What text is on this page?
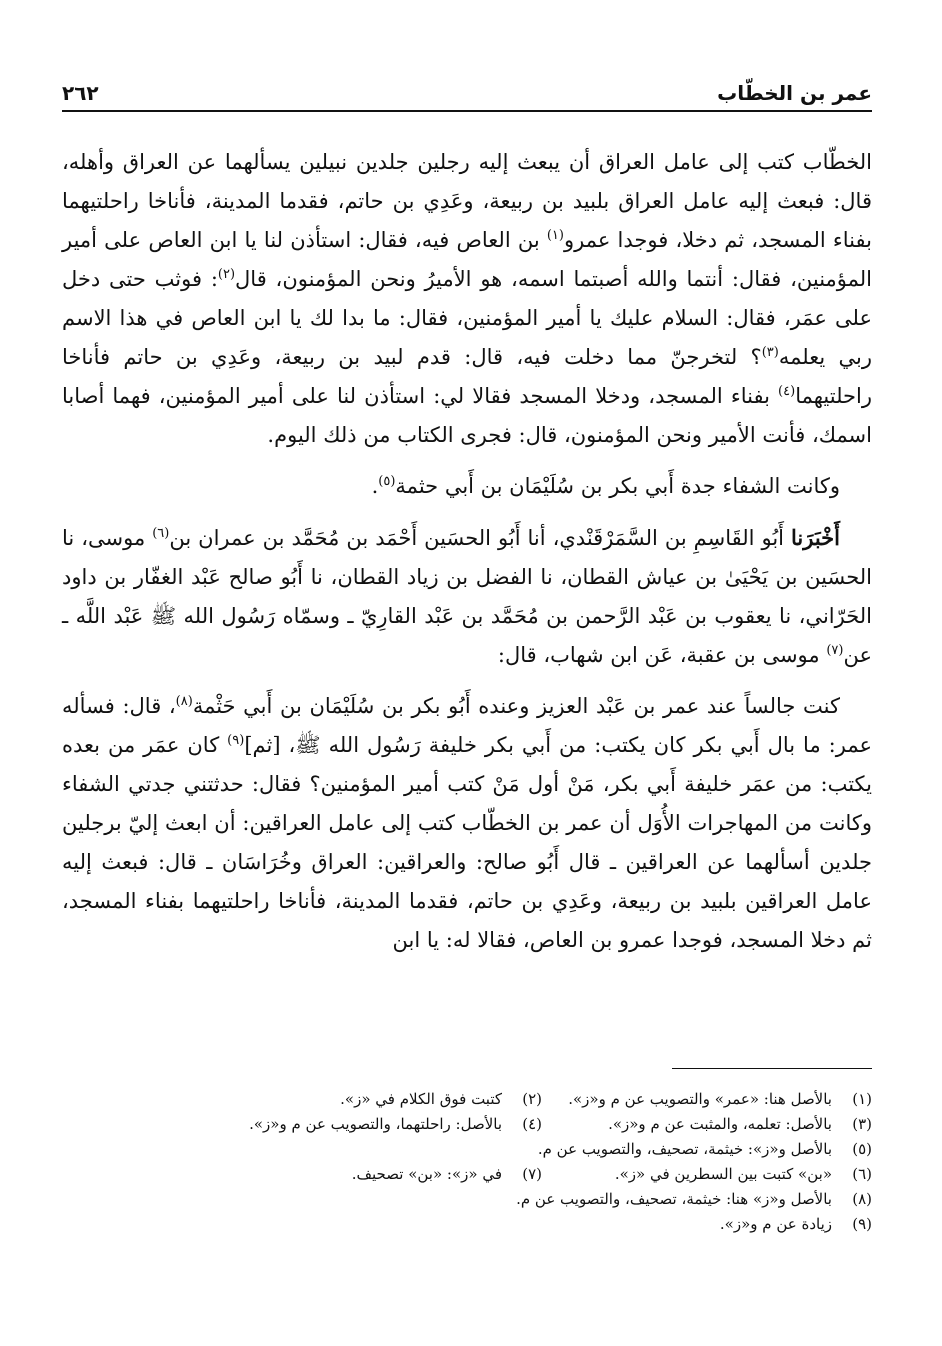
عمر بن الخطّاب
٢٦٢

الخطّاب كتب إلى عامل العراق أن يبعث إليه رجلين جلدين نبيلين يسألهما عن العراق وأهله، قال: فبعث إليه عامل العراق بلبيد بن ربيعة، وعَدِي بن حاتم، فقدما المدينة، فأناخا راحلتيهما بفناء المسجد، ثم دخلا، فوجدا عمرو$^{(١)}$ بن العاص فيه، فقال: استأذن لنا يا ابن العاص على أمير المؤمنين، فقال: أنتما والله أصبتما اسمه، هو الأميرُ ونحن المؤمنون، قال$^{(٢)}$: فوثب حتى دخل على عمَر، فقال: السلام عليك يا أمير المؤمنين، فقال: ما بدا لك يا ابن العاص في هذا الاسم ربي يعلمه$^{(٣)}$؟ لتخرجنّ مما دخلت فيه، قال: قدم لبيد بن ربيعة، وعَدِي بن حاتم فأناخا راحلتيهما$^{(٤)}$ بفناء المسجد، ودخلا المسجد فقالا لي: استأذن لنا على أمير المؤمنين، فهما أصابا اسمك، فأنت الأمير ونحن المؤمنون، قال: فجرى الكتاب من ذلك اليوم.

وكانت الشفاء جدة أَبي بكر بن سُلَيْمَان بن أَبي حثمة$^{(٥)}$.

أَخْبَرَنا أَبُو القَاسِمِ بن السَّمَرْقَنْدي، أنا أَبُو الحسَين أَحْمَد بن مُحَمَّد بن عمران بن$^{(٦)}$ موسى، نا الحسَين بن يَحْيَىٰ بن عياش القطان، نا الفضل بن زياد القطان، نا أَبُو صالح عَبْد الغفّار بن داود الحَرّاني، نا يعقوب بن عَبْد الرَّحمن بن مُحَمَّد بن عَبْد القارِيّ ـ وسمّاه رَسُول الله ﷺ عَبْد اللَّه ـ عن$^{(٧)}$ موسى بن عقبة، عَن ابن شهاب، قال:

كنت جالساً عند عمر بن عَبْد العزيز وعنده أَبُو بكر بن سُلَيْمَان بن أَبي حَثْمة$^{(٨)}$، قال: فسأله عمر: ما بال أَبي بكر كان يكتب: من أَبي بكر خليفة رَسُول الله ﷺ، [ثم]$^{(٩)}$ كان عمَر من بعده يكتب: من عمَر خليفة أَبي بكر، مَنْ أول مَنْ كتب أمير المؤمنين؟ فقال: حدثتني جدتي الشفاء وكانت من المهاجرات الأُوَل أن عمر بن الخطّاب كتب إلى عامل العراقين: أن ابعث إليّ برجلين جلدين أسألهما عن العراقين ـ قال أَبُو صالح: والعراقين: العراق وخُرَاسَان ـ قال: فبعث إليه عامل العراقين بلبيد بن ربيعة، وعَدِي بن حاتم، فقدما المدينة، فأناخا راحلتيهما بفناء المسجد، ثم دخلا المسجد، فوجدا عمرو بن العاص، فقالا له: يا ابن

(١)بالأصل هنا: «عمر» والتصويب عن م و«ز».
(٢)كتبت فوق الكلام في «ز».
(٣)بالأصل: تعلمه، والمثبت عن م و«ز».
(٤)بالأصل: راحلتهما، والتصويب عن م و«ز».
(٥)بالأصل و«ز»: خيثمة، تصحيف، والتصويب عن م.
(٦)«بن» كتبت بين السطرين في «ز».
(٧)في «ز»: «بن» تصحيف.
(٨)بالأصل و«ز» هنا: خيثمة، تصحيف، والتصويب عن م.
(٩)زيادة عن م و«ز».
